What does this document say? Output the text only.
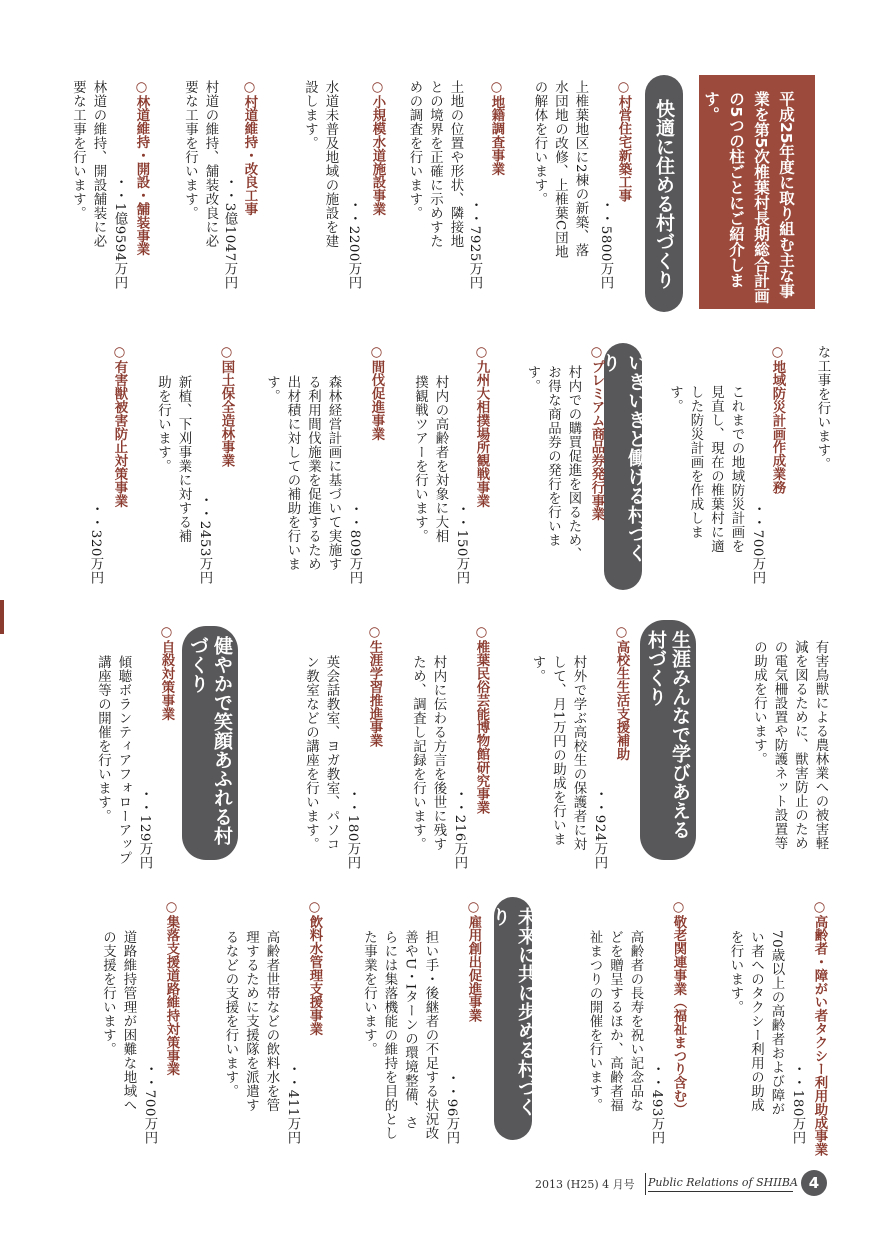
平成25年度に取り組む主な事業を第5次椎葉村長期総合計画の5つの柱ごとにご紹介します。
快適に住める村づくり
いきいきと働ける村づくり
生涯みんなで学びあえる村づくり
健やかで笑顔あふれる村づくり
未来に共に歩める村づくり
○ 村営住宅新築工事
・・5800万円
上椎葉地区に2棟の新築、落水団地の改修、上椎葉C団地の解体を行います。
○ 地籍調査事業
・・7925万円
土地の位置や形状、隣接地との境界を正確に示めすための調査を行います。
○ 小規模水道施設事業
・・2200万円
水道未普及地域の施設を建設します。
○ 村道維持・改良工事
・・3億1047万円
村道の維持、舗装改良に必要な工事を行います。
○ 林道維持・開設・舗装事業
・・1億9594万円
林道の維持、開設舗装に必要な工事を行います。
○ 地域防災計画作成業務
・・700万円
これまでの地域防災計画を見直し、現在の椎葉村に適した防災計画を作成します。
○ プレミアム商品券発行事業
村内での購買促進を図るため、お得な商品券の発行を行います。
○ 九州大相撲場所観戦事業
・・150万円
村内の高齢者を対象に大相撲観戦ツアーを行います。
○ 間伐促進事業
・・809万円
森林経営計画に基づいて実施する利用間伐施業を促進するため出材積に対しての補助を行います。
○ 国土保全造林事業
・・2453万円
新植、下刈事業に対する補助を行います。
○ 有害獣被害防止対策事業
・・320万円
な工事を行います。
有害鳥獣による農林業への被害軽減を図るために、獣害防止のための電気柵設置や防護ネット設置等の助成を行います。
○ 高校生生活支援補助
・・924万円
村外で学ぶ高校生の保護者に対して、月1万円の助成を行います。
○ 椎葉民俗芸能博物館研究事業
・・216万円
村内に伝わる方言を後世に残すため、調査し記録を行います。
○ 生涯学習推進事業
・・180万円
英会話教室、ヨガ教室、パソコン教室などの講座を行います。
○ 自殺対策事業
・・129万円
傾聴ボランティアフォローアップ講座等の開催を行います。
○ 高齢者・障がい者タクシー利用助成事業
・・180万円
70歳以上の高齢者および障がい者へのタクシー利用の助成を行います。
○ 敬老関連事業（福祉まつり含む）
・・493万円
高齢者の長寿を祝い記念品などを贈呈するほか、高齢者福祉まつりの開催を行います。
○ 雇用創出促進事業
・・96万円
担い手・後継者の不足する状況改善やU・Iターンの環境整備、さらには集落機能の維持を目的とした事業を行います。
○ 飲料水管理支援事業
・・411万円
高齢者世帯などの飲料水を管理するために支援隊を派遣するなどの支援を行います。
○ 集落支援道路維持対策事業
・・700万円
道路維持管理が困難な地域への支援を行います。
2013 (H25) 4 月号 Public Relations of SHIIBA 4
